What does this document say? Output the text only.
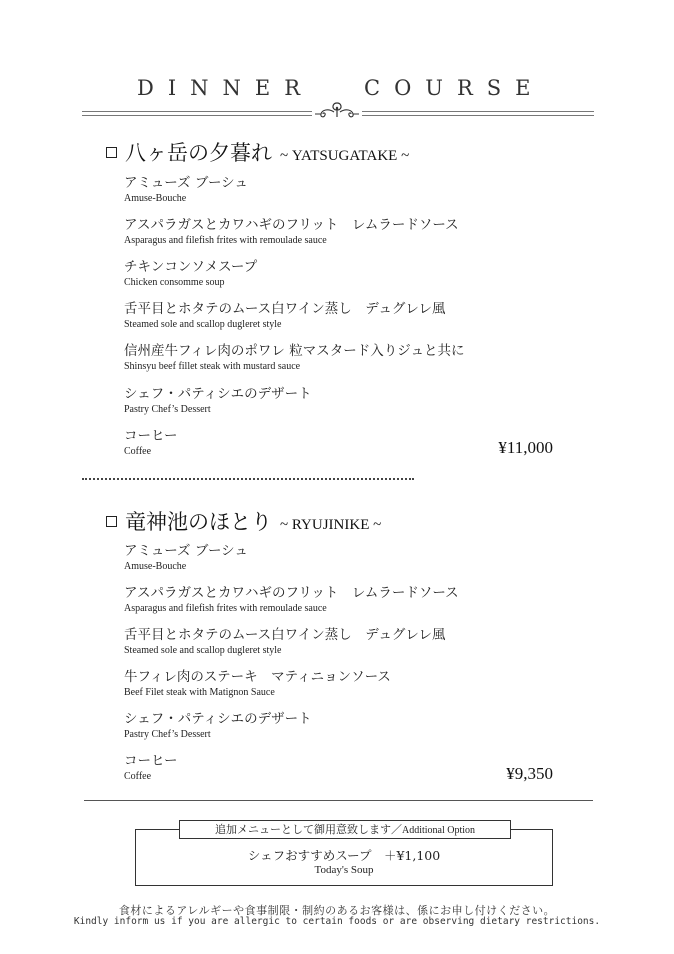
DINNER COURSE
八ヶ岳の夕暮れ ~ YATSUGATAKE ~
アミューズ ブーシュ
Amuse-Bouche
アスパラガスとカワハギのフリット　レムラードソース
Asparagus and filefish frites with remoulade sauce
チキンコンソメスープ
Chicken consomme soup
舌平目とホタテのムース白ワイン蒸し　デュグレレ風
Steamed sole and scallop dugleret style
信州産牛フィレ肉のポワレ 粒マスタード入りジュと共に
Shinsyu beef fillet steak with mustard sauce
シェフ・パティシエのデザート
Pastry Chef’s Dessert
コーヒー
Coffee	¥11,000
竜神池のほとり ~ RYUJINIKE ~
アミューズ ブーシュ
Amuse-Bouche
アスパラガスとカワハギのフリット　レムラードソース
Asparagus and filefish frites with remoulade sauce
舌平目とホタテのムース白ワイン蒸し　デュグレレ風
Steamed sole and scallop dugleret style
牛フィレ肉のステーキ　マティニョンソース
Beef Filet steak with Matignon Sauce
シェフ・パティシエのデザート
Pastry Chef’s Dessert
コーヒー
Coffee	¥9,350
追加メニューとして御用意致します／Additional Option
シェフおすすめスープ　＋¥1,100
Today's Soup
食材によるアレルギーや食事制限・制約のあるお客様は、係にお申し付けください。
Kindly inform us if you are allergic to certain foods or are observing dietary restrictions.
